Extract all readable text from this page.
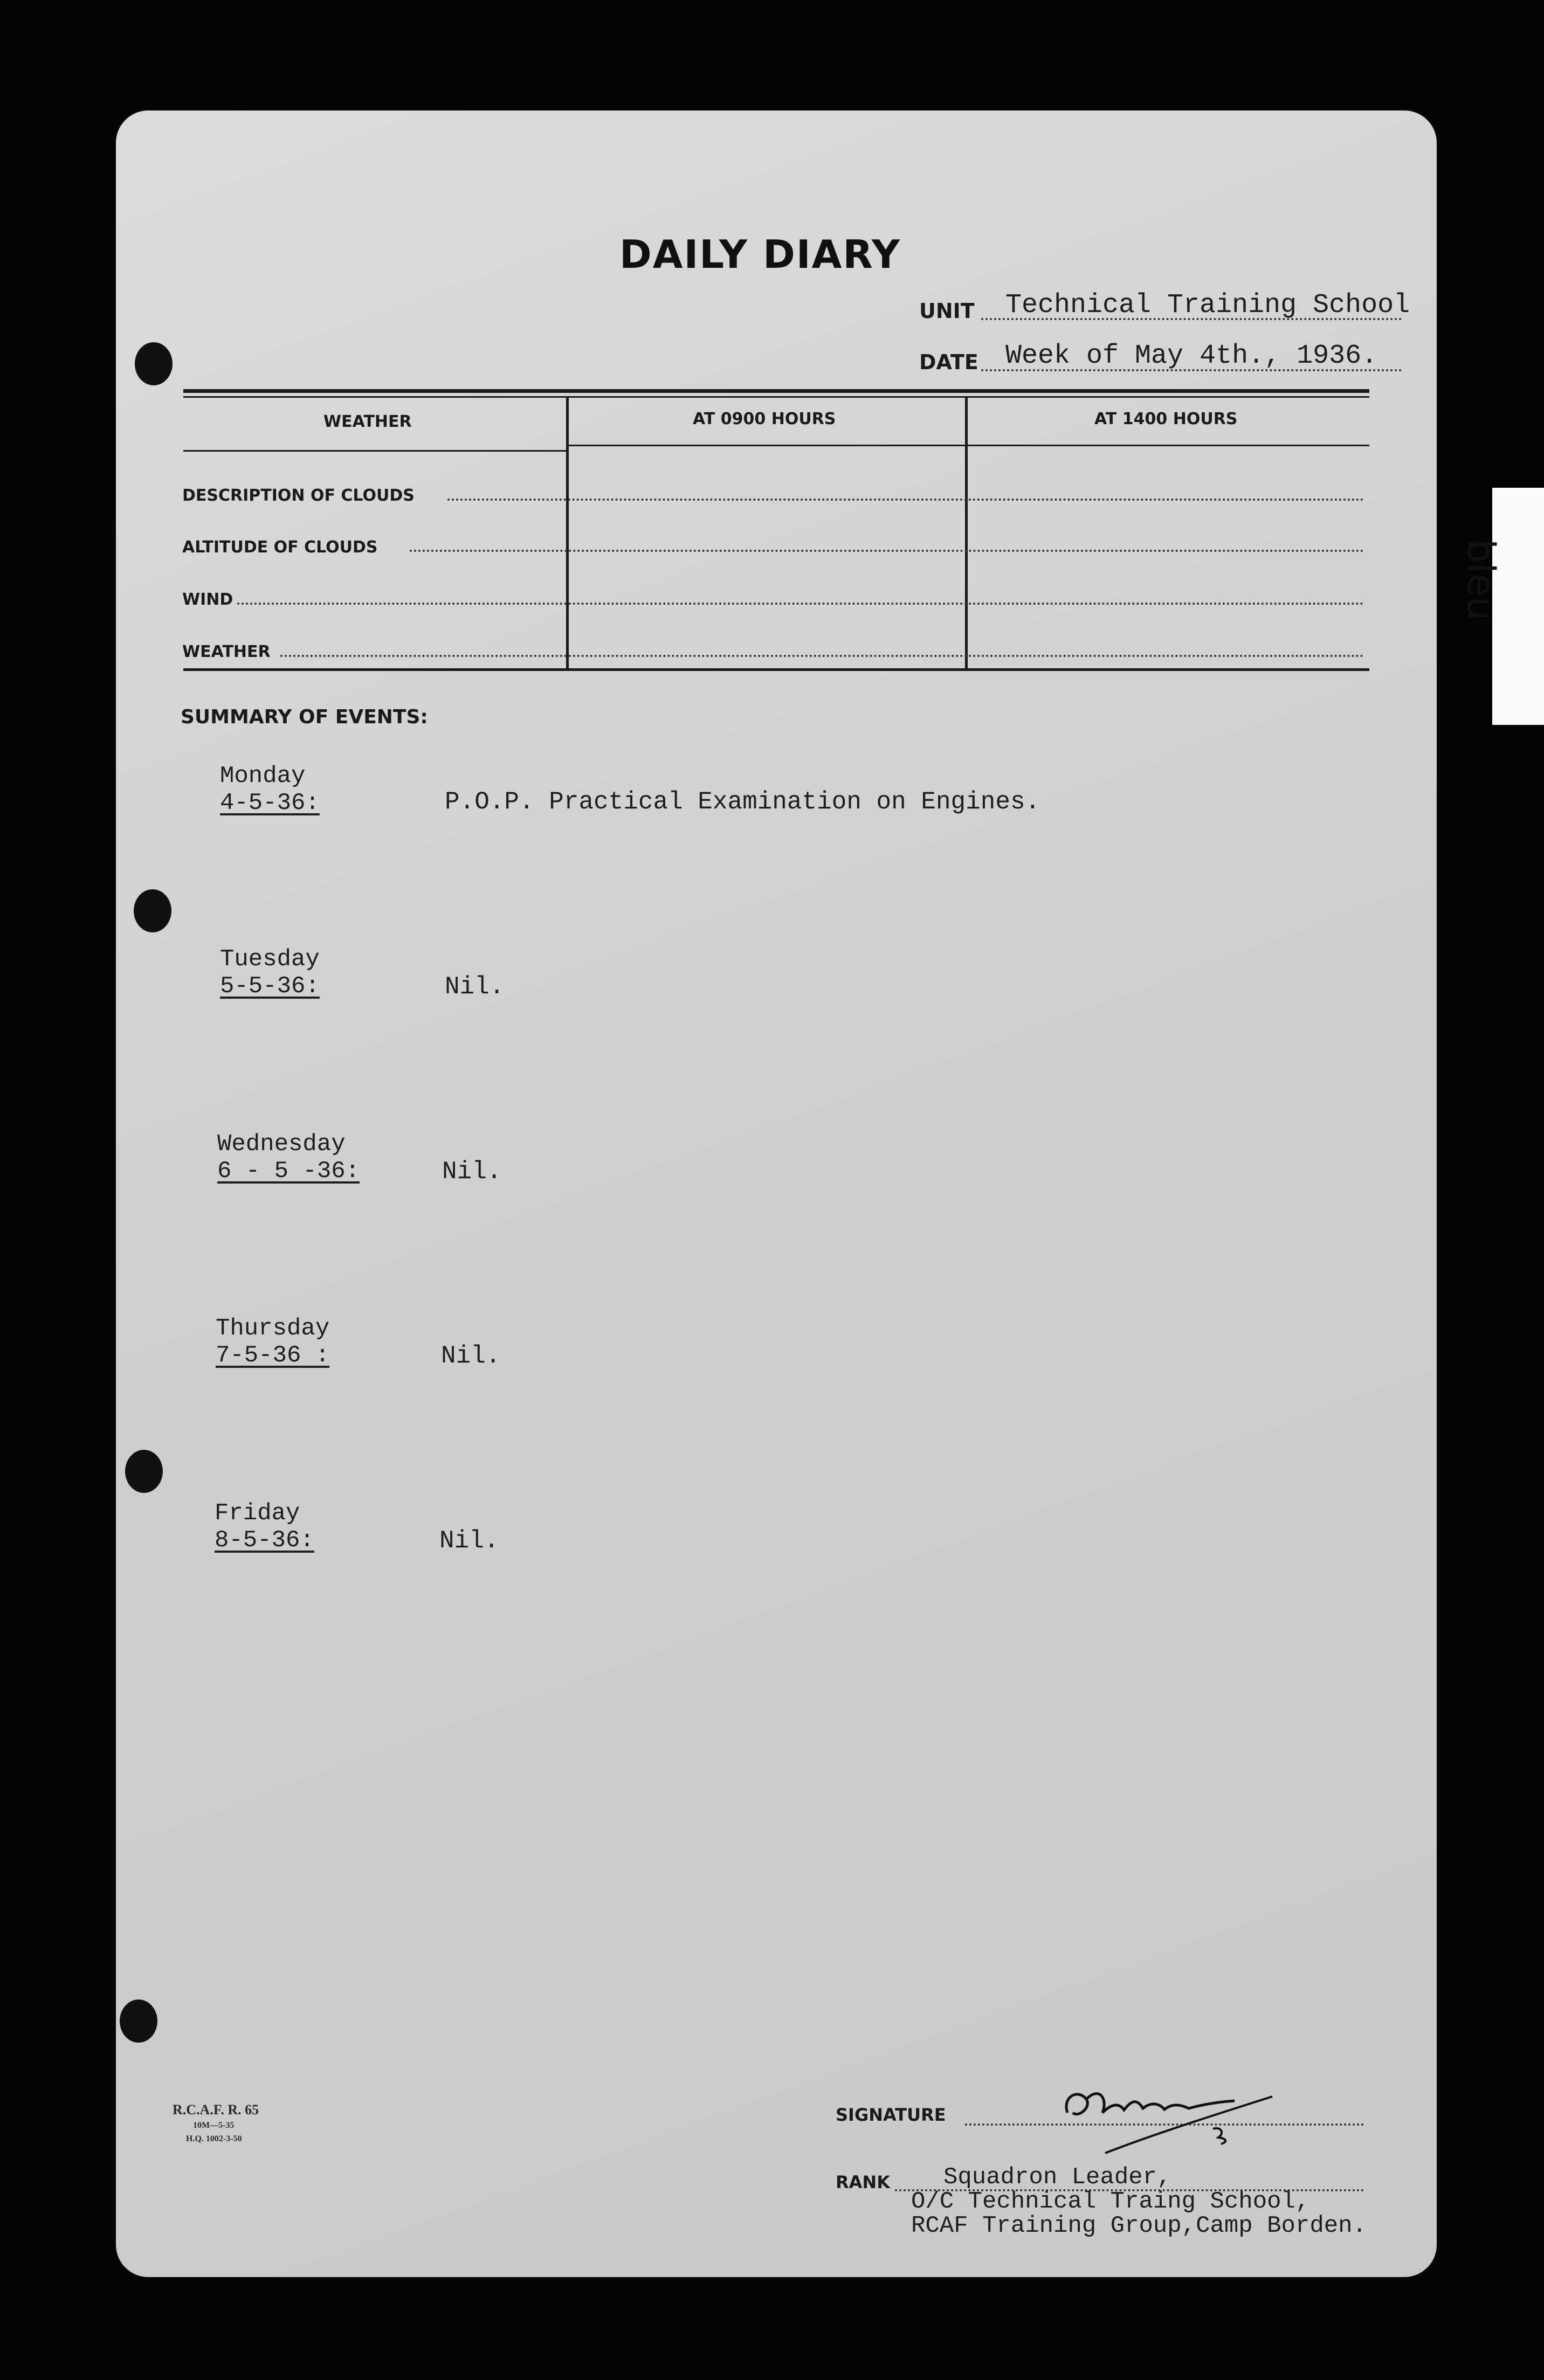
bleu
DAILY DIARY
UNIT Technical Training School
DATE Week of May 4th., 1936.
WEATHER	AT 0900 HOURS	AT 1400 HOURS
DESCRIPTION OF CLOUDS
ALTITUDE OF CLOUDS
WIND
WEATHER
SUMMARY OF EVENTS:
Monday
4-5-36:	P.O.P. Practical Examination on Engines.
Tuesday
5-5-36:	Nil.
Wednesday
6 - 5 -36:	Nil.
Thursday
7-5-36 :	Nil.
Friday
8-5-36:	Nil.
R.C.A.F. R. 65
10M—5-35
H.Q. 1002-3-50
SIGNATURE
RANK Squadron Leader,
O/C Technical Traing School,
RCAF Training Group,Camp Borden.
